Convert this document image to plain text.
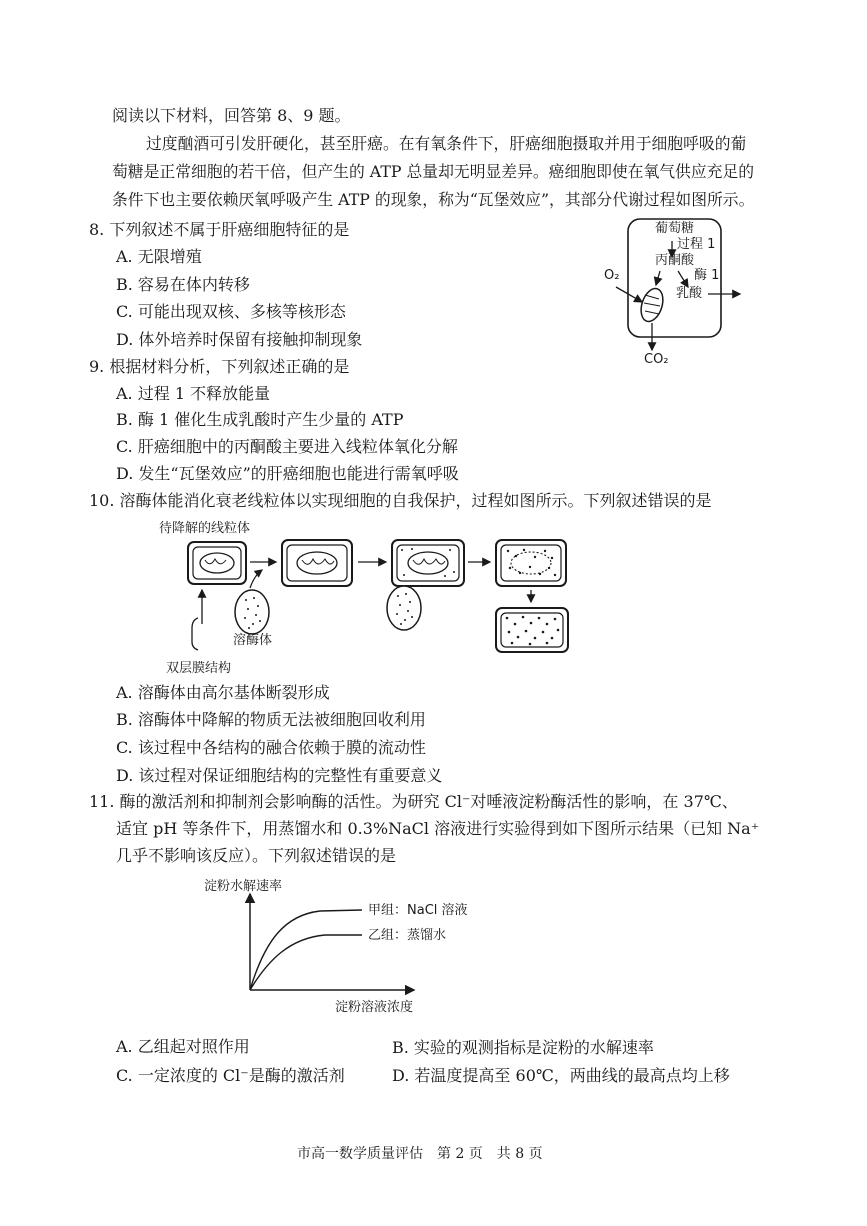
阅读以下材料，回答第 8、9 题。
过度酗酒可引发肝硬化，甚至肝癌。在有氧条件下，肝癌细胞摄取并用于细胞呼吸的葡
萄糖是正常细胞的若干倍，但产生的 ATP 总量却无明显差异。癌细胞即使在氧气供应充足的
条件下也主要依赖厌氧呼吸产生 ATP 的现象，称为“瓦堡效应”，其部分代谢过程如图所示。
8. 下列叙述不属于肝癌细胞特征的是
A. 无限增殖
B. 容易在体内转移
C. 可能出现双核、多核等核形态
D. 体外培养时保留有接触抑制现象
葡萄糖
过程 1
丙酮酸
酶 1
乳酸
O₂
CO₂
9. 根据材料分析，下列叙述正确的是
A. 过程 1 不释放能量
B. 酶 1 催化生成乳酸时产生少量的 ATP
C. 肝癌细胞中的丙酮酸主要进入线粒体氧化分解
D. 发生“瓦堡效应”的肝癌细胞也能进行需氧呼吸
10. 溶酶体能消化衰老线粒体以实现细胞的自我保护，过程如图所示。下列叙述错误的是
待降解的线粒体
溶酶体
双层膜结构
A. 溶酶体由高尔基体断裂形成
B. 溶酶体中降解的物质无法被细胞回收利用
C. 该过程中各结构的融合依赖于膜的流动性
D. 该过程对保证细胞结构的完整性有重要意义
11. 酶的激活剂和抑制剂会影响酶的活性。为研究 Cl⁻对唾液淀粉酶活性的影响，在 37℃、
适宜 pH 等条件下，用蒸馏水和 0.3%NaCl 溶液进行实验得到如下图所示结果（已知 Na⁺
几乎不影响该反应）。下列叙述错误的是
淀粉水解速率
淀粉溶液浓度
甲组：NaCl 溶液
乙组：蒸馏水
A. 乙组起对照作用	B. 实验的观测指标是淀粉的水解速率
C. 一定浓度的 Cl⁻是酶的激活剂	D. 若温度提高至 60℃，两曲线的最高点均上移
市高一数学质量评估　第 2 页　共 8 页
